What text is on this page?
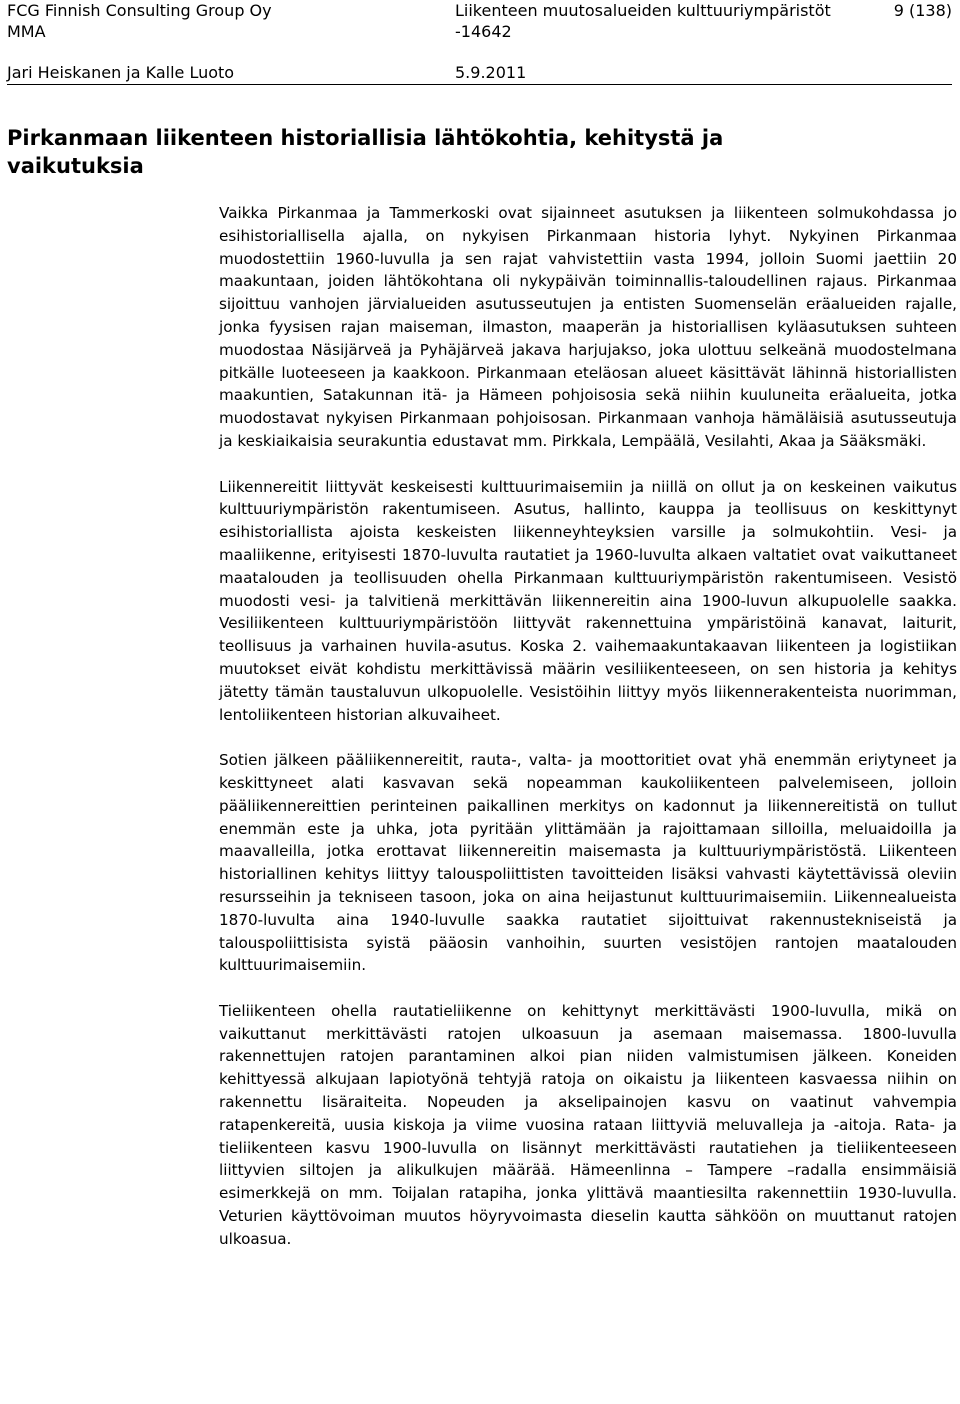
FCG Finnish Consulting Group Oy
MMA
Liikenteen muutosalueiden kulttuuriympäristöt
-14642
9 (138)
Jari Heiskanen ja Kalle Luoto	5.9.2011
Pirkanmaan liikenteen historiallisia lähtökohtia, kehitystä ja vaikutuksia

Vaikka Pirkanmaa ja Tammerkoski ovat sijainneet asutuksen ja liikenteen solmukohdassa jo esihistoriallisella ajalla, on nykyisen Pirkanmaan historia lyhyt. Nykyinen Pirkanmaa muodostettiin 1960-luvulla ja sen rajat vahvistettiin vasta 1994, jolloin Suomi jaettiin 20 maakuntaan, joiden lähtökohtana oli nykypäivän toiminnallis-taloudellinen rajaus. Pirkanmaa sijoittuu vanhojen järvialueiden asutusseutujen ja entisten Suomenselän eräalueiden rajalle, jonka fyysisen rajan maiseman, ilmaston, maaperän ja historiallisen kyläasutuksen suhteen muodostaa Näsijärveä ja Pyhäjärveä jakava harjujakso, joka ulottuu selkeänä muodostelmana pitkälle luoteeseen ja kaakkoon. Pirkanmaan eteläosan alueet käsittävät lähinnä historiallisten maakuntien, Satakunnan itä- ja Hämeen pohjoisosia sekä niihin kuuluneita eräalueita, jotka muodostavat nykyisen Pirkanmaan pohjoisosan. Pirkanmaan vanhoja hämäläisiä asutusseutuja ja keskiaikaisia seurakuntia edustavat mm. Pirkkala, Lempäälä, Vesilahti, Akaa ja Sääksmäki.

Liikennereitit liittyvät keskeisesti kulttuurimaisemiin ja niillä on ollut ja on keskeinen vaikutus kulttuuriympäristön rakentumiseen. Asutus, hallinto, kauppa ja teollisuus on keskittynyt esihistoriallista ajoista keskeisten liikenneyhteyksien varsille ja solmukohtiin. Vesi- ja maaliikenne, erityisesti 1870-luvulta rautatiet ja 1960-luvulta alkaen valtatiet ovat vaikuttaneet maatalouden ja teollisuuden ohella Pirkanmaan kulttuuriympäristön rakentumiseen. Vesistö muodosti vesi- ja talvitienä merkittävän liikennereitin aina 1900-luvun alkupuolelle saakka. Vesiliikenteen kulttuuriympäristöön liittyvät rakennettuina ympäristöinä kanavat, laiturit, teollisuus ja varhainen huvila-asutus. Koska 2. vaihemaakuntakaavan liikenteen ja logistiikan muutokset eivät kohdistu merkittävissä määrin vesiliikenteeseen, on sen historia ja kehitys jätetty tämän taustaluvun ulkopuolelle. Vesistöihin liittyy myös liikennerakenteista nuorimman, lentoliikenteen historian alkuvaiheet.

Sotien jälkeen pääliikennereitit, rauta-, valta- ja moottoritiet ovat yhä enemmän eriytyneet ja keskittyneet alati kasvavan sekä nopeamman kaukoliikenteen palvelemiseen, jolloin pääliikennereittien perinteinen paikallinen merkitys on kadonnut ja liikennereitistä on tullut enemmän este ja uhka, jota pyritään ylittämään ja rajoittamaan silloilla, meluaidoilla ja maavalleilla, jotka erottavat liikennereitin maisemasta ja kulttuuriympäristöstä. Liikenteen historiallinen kehitys liittyy talouspoliittisten tavoitteiden lisäksi vahvasti käytettävissä oleviin resursseihin ja tekniseen tasoon, joka on aina heijastunut kulttuurimaisemiin. Liikennealueista 1870-luvulta aina 1940-luvulle saakka rautatiet sijoittuivat rakennustekniseistä ja talouspoliittisista syistä pääosin vanhoihin, suurten vesistöjen rantojen maatalouden kulttuurimaisemiin.

Tieliikenteen ohella rautatieliikenne on kehittynyt merkittävästi 1900-luvulla, mikä on vaikuttanut merkittävästi ratojen ulkoasuun ja asemaan maisemassa. 1800-luvulla rakennettujen ratojen parantaminen alkoi pian niiden valmistumisen jälkeen. Koneiden kehittyessä alkujaan lapiotyönä tehtyjä ratoja on oikaistu ja liikenteen kasvaessa niihin on rakennettu lisäraiteita. Nopeuden ja akselipainojen kasvu on vaatinut vahvempia ratapenkereitä, uusia kiskoja ja viime vuosina rataan liittyviä meluvalleja ja -aitoja. Rata- ja tieliikenteen kasvu 1900-luvulla on lisännyt merkittävästi rautatiehen ja tieliikenteeseen liittyvien siltojen ja alikulkujen määrää. Hämeenlinna – Tampere –radalla ensimmäisiä esimerkkejä on mm. Toijalan ratapiha, jonka ylittävä maantiesilta rakennettiin 1930-luvulla. Veturien käyttövoiman muutos höyryvoimasta dieselin kautta sähköön on muuttanut ratojen ulkoasua.
